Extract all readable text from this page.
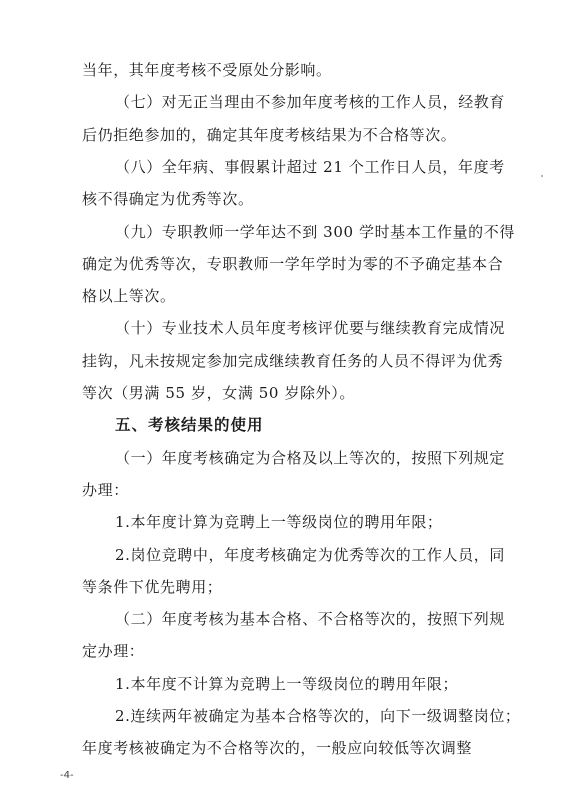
当年，其年度考核不受原处分影响。
（七）对无正当理由不参加年度考核的工作人员，经教育
后仍拒绝参加的，确定其年度考核结果为不合格等次。
（八）全年病、事假累计超过 21 个工作日人员，年度考
核不得确定为优秀等次。
（九）专职教师一学年达不到 300 学时基本工作量的不得
确定为优秀等次，专职教师一学年学时为零的不予确定基本合
格以上等次。
（十）专业技术人员年度考核评优要与继续教育完成情况
挂钩，凡未按规定参加完成继续教育任务的人员不得评为优秀
等次（男满 55 岁，女满 50 岁除外）。
五、考核结果的使用
（一）年度考核确定为合格及以上等次的，按照下列规定
办理：
1.本年度计算为竞聘上一等级岗位的聘用年限；
2.岗位竞聘中，年度考核确定为优秀等次的工作人员，同
等条件下优先聘用；
（二）年度考核为基本合格、不合格等次的，按照下列规
-4-
定办理：
1.本年度不计算为竞聘上一等级岗位的聘用年限；
2.连续两年被确定为基本合格等次的，向下一级调整岗位；
年度考核被确定为不合格等次的，一般应向较低等次调整
